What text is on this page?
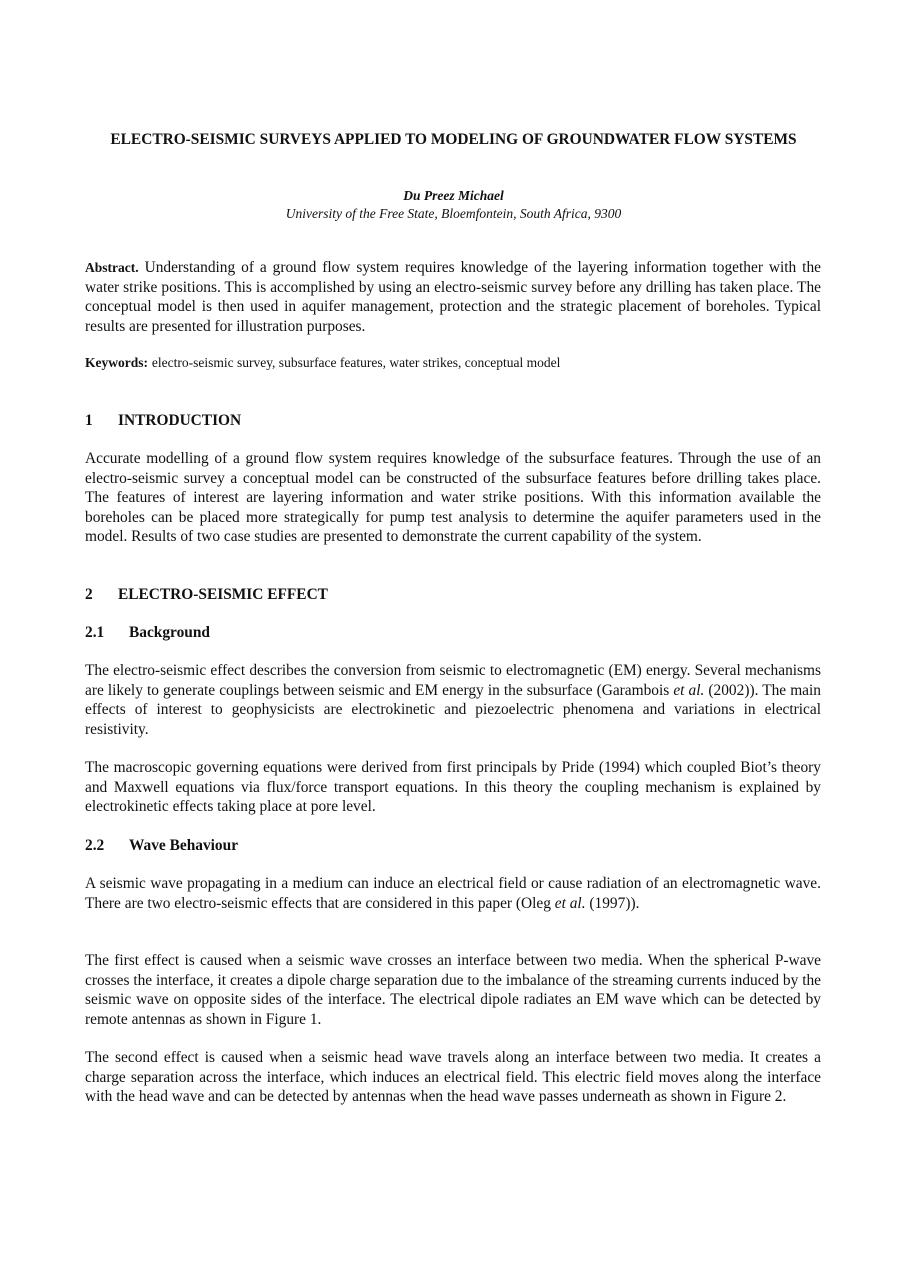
ELECTRO-SEISMIC SURVEYS APPLIED TO MODELING OF GROUNDWATER FLOW SYSTEMS
Du Preez Michael
University of the Free State, Bloemfontein, South Africa, 9300
Abstract. Understanding of a ground flow system requires knowledge of the layering information together with the water strike positions. This is accomplished by using an electro-seismic survey before any drilling has taken place. The conceptual model is then used in aquifer management, protection and the strategic placement of boreholes. Typical results are presented for illustration purposes.
Keywords: electro-seismic survey, subsurface features, water strikes, conceptual model
1 INTRODUCTION
Accurate modelling of a ground flow system requires knowledge of the subsurface features. Through the use of an electro-seismic survey a conceptual model can be constructed of the subsurface features before drilling takes place. The features of interest are layering information and water strike positions. With this information available the boreholes can be placed more strategically for pump test analysis to determine the aquifer parameters used in the model. Results of two case studies are presented to demonstrate the current capability of the system.
2 ELECTRO-SEISMIC EFFECT
2.1 Background
The electro-seismic effect describes the conversion from seismic to electromagnetic (EM) energy. Several mechanisms are likely to generate couplings between seismic and EM energy in the subsurface (Garambois et al. (2002)). The main effects of interest to geophysicists are electrokinetic and piezoelectric phenomena and variations in electrical resistivity.
The macroscopic governing equations were derived from first principals by Pride (1994) which coupled Biot’s theory and Maxwell equations via flux/force transport equations. In this theory the coupling mechanism is explained by electrokinetic effects taking place at pore level.
2.2 Wave Behaviour
A seismic wave propagating in a medium can induce an electrical field or cause radiation of an electromagnetic wave. There are two electro-seismic effects that are considered in this paper (Oleg et al. (1997)).
The first effect is caused when a seismic wave crosses an interface between two media. When the spherical P-wave crosses the interface, it creates a dipole charge separation due to the imbalance of the streaming currents induced by the seismic wave on opposite sides of the interface. The electrical dipole radiates an EM wave which can be detected by remote antennas as shown in Figure 1.
The second effect is caused when a seismic head wave travels along an interface between two media. It creates a charge separation across the interface, which induces an electrical field. This electric field moves along the interface with the head wave and can be detected by antennas when the head wave passes underneath as shown in Figure 2.
